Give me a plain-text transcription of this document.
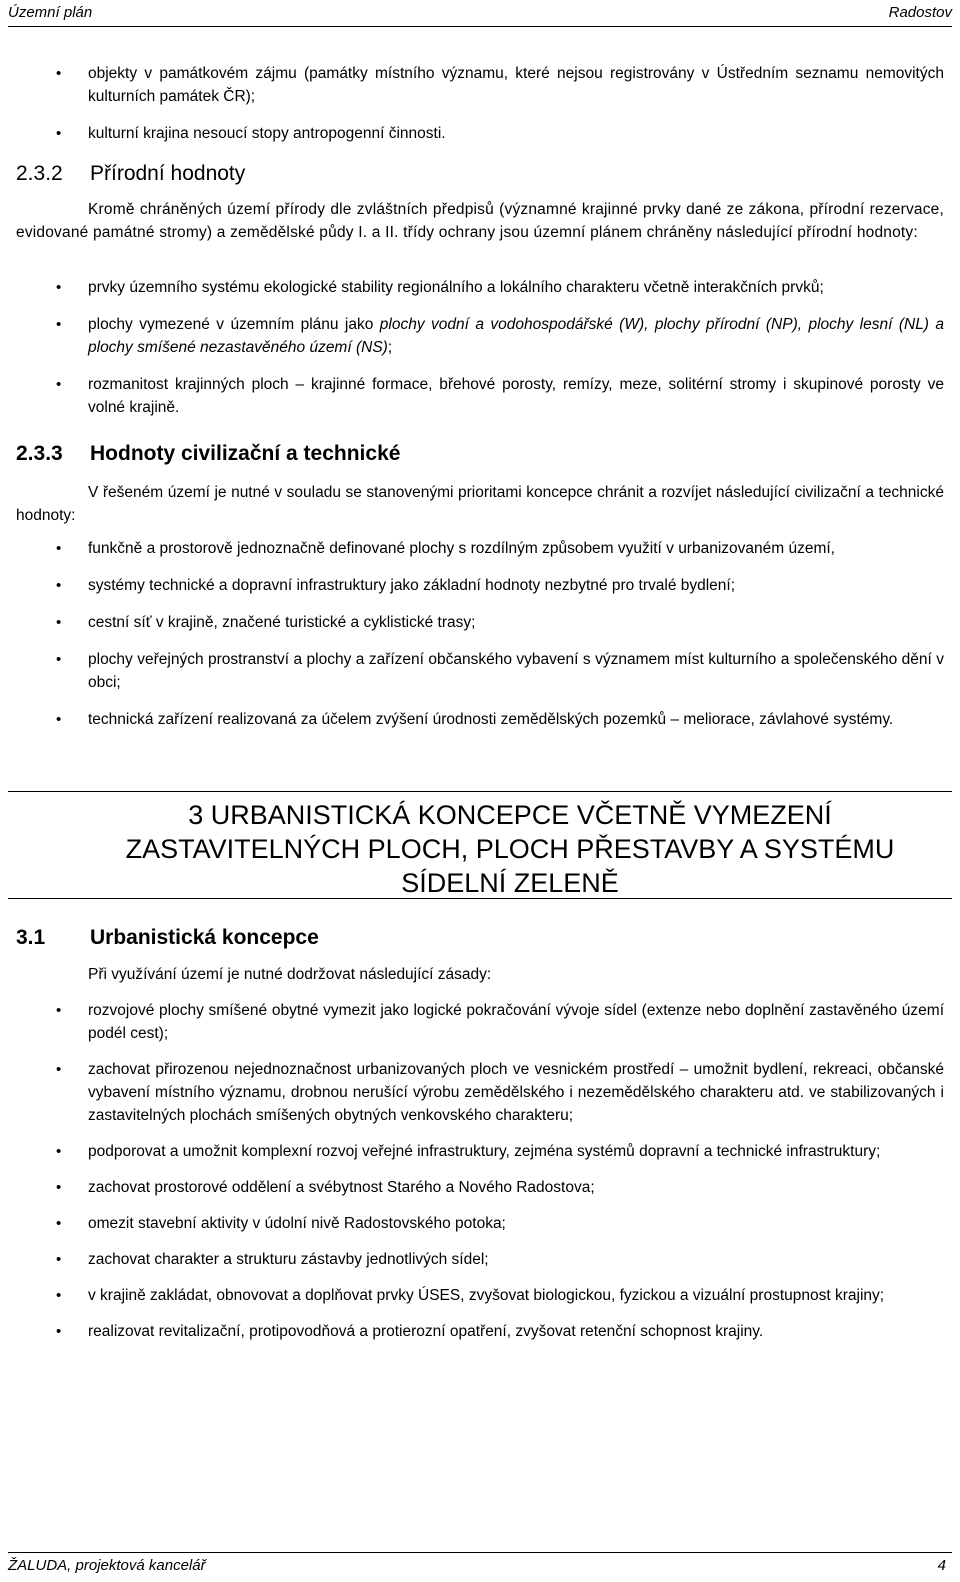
Územní plán	Radostov
• objekty v památkovém zájmu (památky místního významu, které nejsou registrovány v Ústředním seznamu nemovitých kulturních památek ČR);
• kulturní krajina nesoucí stopy antropogenní činnosti.
2.3.2 Přírodní hodnoty

Kromě chráněných území přírody dle zvláštních předpisů (významné krajinné prvky dané ze zákona, přírodní rezervace, evidované památné stromy) a zemědělské půdy I. a II. třídy ochrany jsou územní plánem chráněny následující přírodní hodnoty:

• prvky územního systému ekologické stability regionálního a lokálního charakteru včetně interakčních prvků;
• plochy vymezené v územním plánu jako plochy vodní a vodohospodářské (W), plochy přírodní (NP), plochy lesní (NL) a plochy smíšené nezastavěného území (NS);
• rozmanitost krajinných ploch – krajinné formace, břehové porosty, remízy, meze, solitérní stromy i skupinové porosty ve volné krajině.
2.3.3 Hodnoty civilizační a technické

V řešeném území je nutné v souladu se stanovenými prioritami koncepce chránit a rozvíjet následující civilizační a technické hodnoty:

• funkčně a prostorově jednoznačně definované plochy s rozdílným způsobem využití v urbanizovaném území,
• systémy technické a dopravní infrastruktury jako základní hodnoty nezbytné pro trvalé bydlení;
• cestní síť v krajině, značené turistické a cyklistické trasy;
• plochy veřejných prostranství a plochy a zařízení občanského vybavení s významem míst kulturního a společenského dění v obci;
• technická zařízení realizovaná za účelem zvýšení úrodnosti zemědělských pozemků – meliorace, závlahové systémy.
3 URBANISTICKÁ KONCEPCE VČETNĚ VYMEZENÍ
ZASTAVITELNÝCH PLOCH, PLOCH PŘESTAVBY A SYSTÉMU
SÍDELNÍ ZELENĚ
3.1 Urbanistická koncepce

Při využívání území je nutné dodržovat následující zásady:

• rozvojové plochy smíšené obytné vymezit jako logické pokračování vývoje sídel (extenze nebo doplnění zastavěného území podél cest);
• zachovat přirozenou nejednoznačnost urbanizovaných ploch ve vesnickém prostředí – umožnit bydlení, rekreaci, občanské vybavení místního významu, drobnou nerušící výrobu zemědělského i nezemědělského charakteru atd. ve stabilizovaných i zastavitelných plochách smíšených obytných venkovského charakteru;
• podporovat a umožnit komplexní rozvoj veřejné infrastruktury, zejména systémů dopravní a technické infrastruktury;
• zachovat prostorové oddělení a svébytnost Starého a Nového Radostova;
• omezit stavební aktivity v údolní nivě Radostovského potoka;
• zachovat charakter a strukturu zástavby jednotlivých sídel;
• v krajině zakládat, obnovovat a doplňovat prvky ÚSES, zvyšovat biologickou, fyzickou a vizuální prostupnost krajiny;
• realizovat revitalizační, protipovodňová a protierozní opatření, zvyšovat retenční schopnost krajiny.
ŽALUDA, projektová kancelář	4
